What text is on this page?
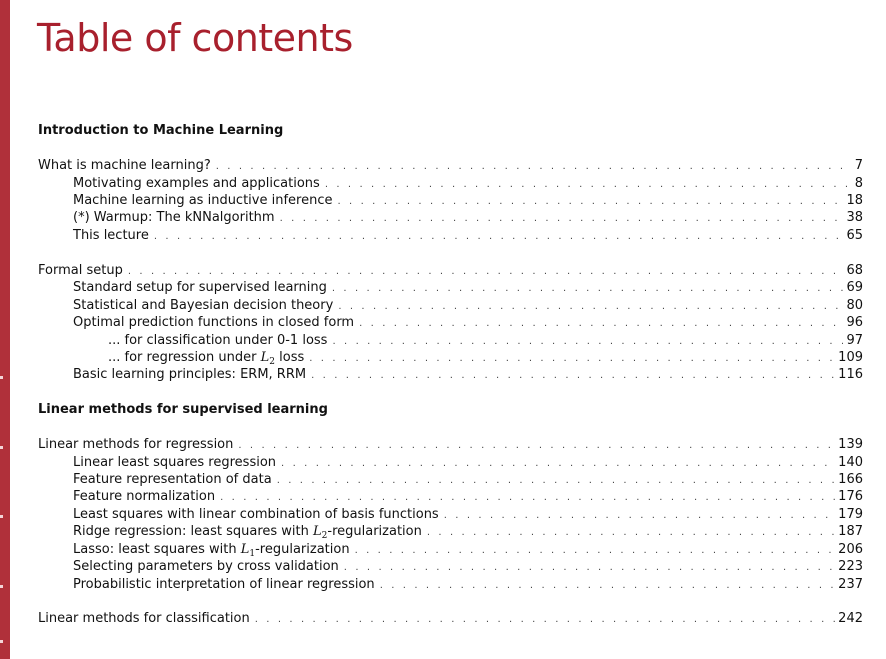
Table of contents
Introduction to Machine Learning
What is machine learning? . . .	7
Motivating examples and applications . . .	8
Machine learning as inductive inference . . .	18
(*) Warmup: The kNNalgorithm . . .	38
This lecture . . .	65
Formal setup . . .	68
Standard setup for supervised learning . . .	69
Statistical and Bayesian decision theory . . .	80
Optimal prediction functions in closed form . . .	96
... for classification under 0-1 loss . . .	97
... for regression under $L_2$ loss . . .	109
Basic learning principles: ERM, RRM . . .	116
Linear methods for supervised learning
Linear methods for regression . . .	139
Linear least squares regression . . .	140
Feature representation of data . . .	166
Feature normalization . . .	176
Least squares with linear combination of basis functions . . .	179
Ridge regression: least squares with $L_2$-regularization . . .	187
Lasso: least squares with $L_1$-regularization . . .	206
Selecting parameters by cross validation . . .	223
Probabilistic interpretation of linear regression . . .	237
Linear methods for classification . . .	242
